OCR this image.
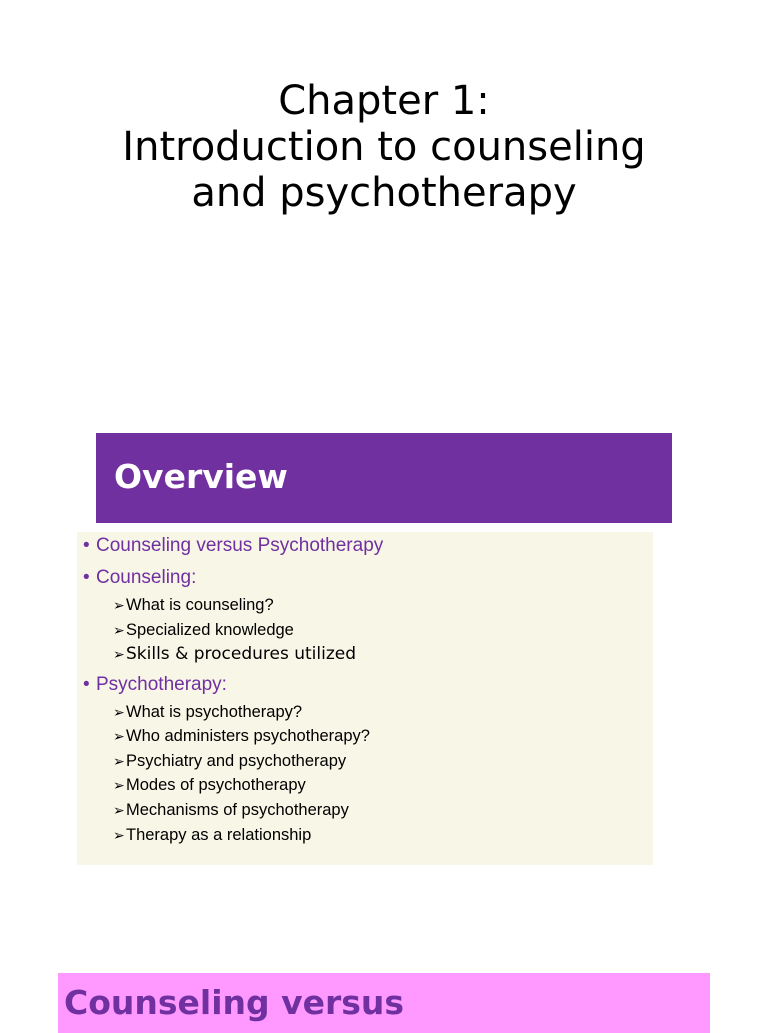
Chapter 1:
Introduction to counseling
and psychotherapy
Overview
• Counseling versus Psychotherapy
• Counseling:
➢What is counseling?
➢Specialized knowledge
➢Skills & procedures utilized
• Psychotherapy:
➢What is psychotherapy?
➢Who administers psychotherapy?
➢Psychiatry and psychotherapy
➢Modes of psychotherapy
➢Mechanisms of psychotherapy
➢Therapy as a relationship
Counseling versus
